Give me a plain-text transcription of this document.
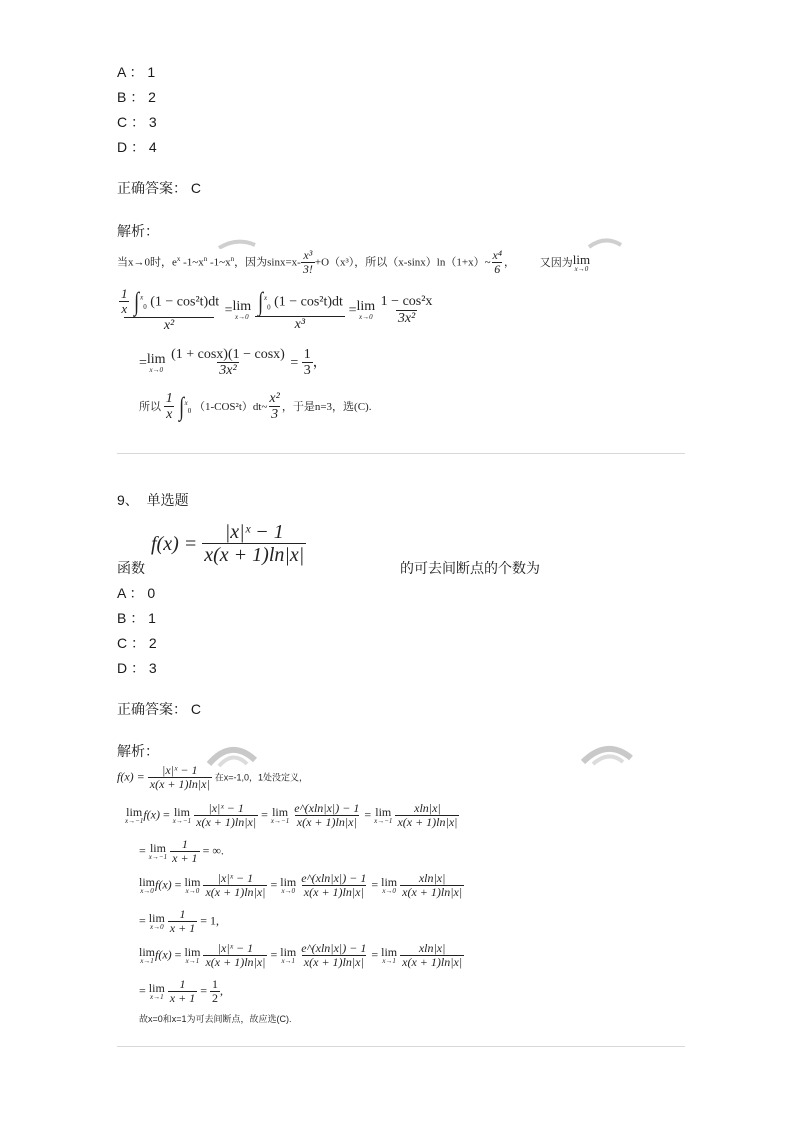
A ： 1
B ： 2
C ： 3
D ： 4
正确答案： C
解析：
当x→0时，$e^x$ $-1\sim x^n$ $-1\sim x^n$，因为$\sin x=x- \frac{\text{x³}}{3!} +O(x^3)$，所以（x-sinx）ln（1+x）~ $\frac{\text{x⁴}}{6}$ ， 又因为 lim
x→0
$\frac{\frac{1}{x} \int^x_0 (1 - \cos^2t)dt}{\text{x²}} = \lim$
x→0
$\frac{\int^x_0 (1 - \cos^2t)dt}{\text{x³}} = \lim$
x→0
$\frac{\text{1 − cos²x}}{\text{3x²}}$
= lim
x→0
$\frac{(1 + \cos x)(1 - \cos x)}{\text{3x²}} = \frac{1}{3}$ ，
所以 $\frac{1}{x} \int^x_0$ （1-COS²t）dt~ $\frac{\text{x²}}{3}$ ，于是n=3，选(C).
9、 单选题
函数
f(x) =
$\frac{\text{|x|ˣ − 1}}{x(x + 1)\ln|x|}$
的可去间断点的个数为
A ： 0
B ： 1
C ： 2
D ： 3
正确答案： C
解析：
$f(x) = \frac{\text{|x|ˣ − 1}}{x(x + 1)\ln|x|}$ 在x=-1,0，1处没定义，
lim
x→−1 f(x) = lim
x→−1
$\frac{\text{|x|ˣ − 1}}{x(x + 1)\ln|x|} = \lim$
x→−1
$\frac{e\^{}(xln|x|) - 1}{x(x + 1)\ln|x|} = \lim$
x→−1
$\frac{xln|x|}{x(x + 1)\ln|x|}$
= lim
x→−1
$\frac{1}{x + 1}$ = ∞.
lim
x→0 f(x) = lim
x→0
$\frac{\text{|x|ˣ − 1}}{x(x + 1)\ln|x|} = \lim$
x→0
$\frac{e\^{}(xln|x|) - 1}{x(x + 1)\ln|x|} = \lim$
x→0
$\frac{xln|x|}{x(x + 1)\ln|x|}$
= lim
x→0
$\frac{1}{x + 1} = 1$,
lim
x→1 f(x) = lim
x→1
$\frac{\text{|x|ˣ − 1}}{x(x + 1)\ln|x|} = \lim$
x→1
$\frac{e\^{}(xln|x|) - 1}{x(x + 1)\ln|x|} = \lim$
x→1
$\frac{xln|x|}{x(x + 1)\ln|x|}$
= lim
x→1
$\frac{1}{x + 1} = \frac{1}{2}$ ,
故x=0和x=1为可去间断点，故应选(C).
